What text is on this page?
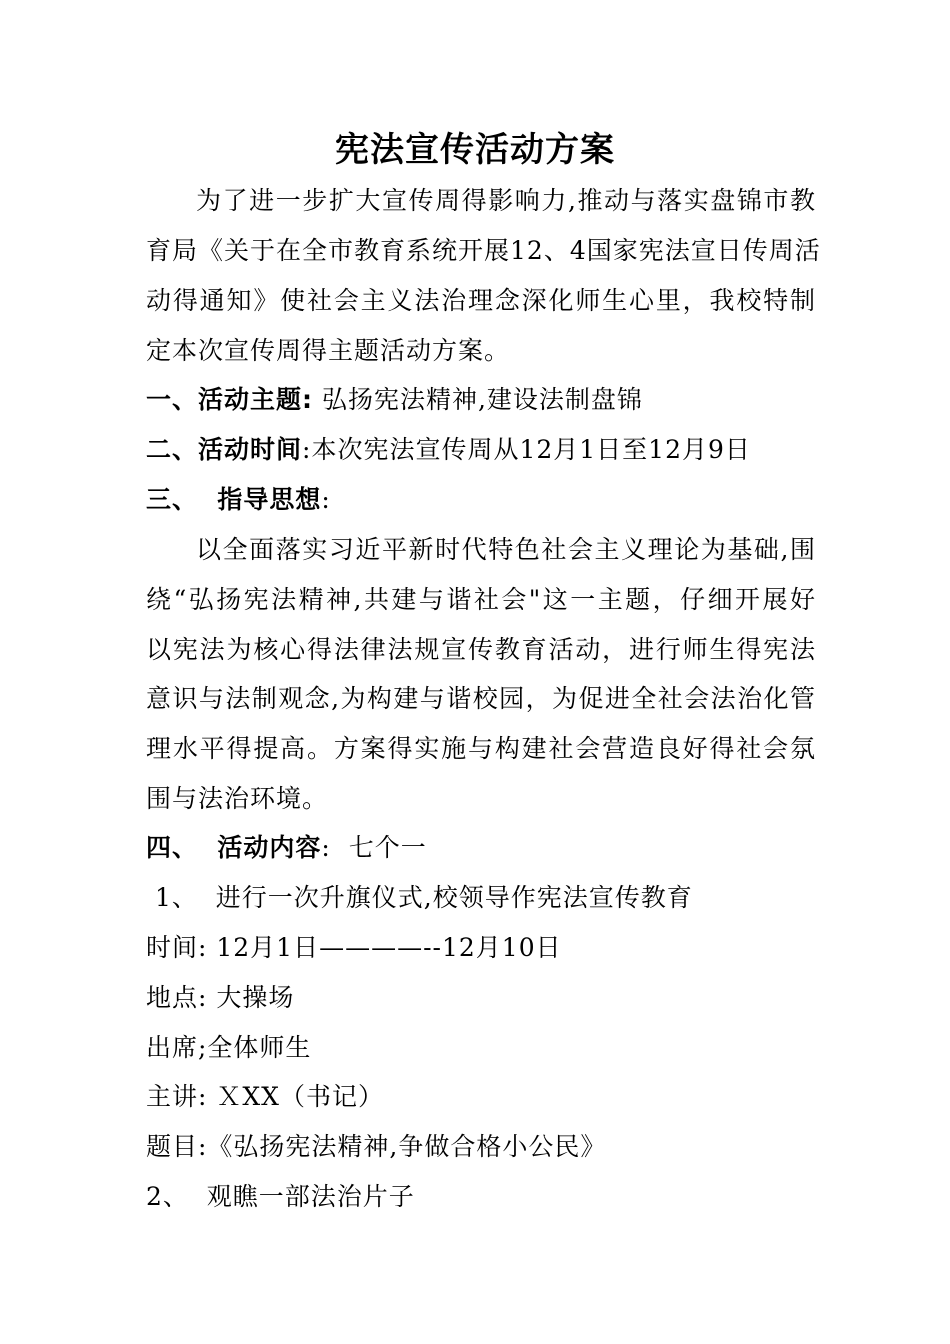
宪法宣传活动方案
为了进一步扩大宣传周得影响力,推动与落实盘锦市教
育局《关于在全市教育系统开展12、4国家宪法宣日传周活
动得通知》使社会主义法治理念深化师生心里，我校特制
定本次宣传周得主题活动方案。
一、活动主题: 弘扬宪法精神,建设法制盘锦
二、活动时间:本次宪法宣传周从12月1日至12月9日
三、  指导思想:
以全面落实习近平新时代特色社会主义理论为基础,围
绕“弘扬宪法精神,共建与谐社会"这一主题，仔细开展好
以宪法为核心得法律法规宣传教育活动，进行师生得宪法
意识与法制观念,为构建与谐校园，为促进全社会法治化管
理水平得提高。方案得实施与构建社会营造良好得社会氛
围与法治环境。
四、  活动内容:  七个一
1、  进行一次升旗仪式,校领导作宪法宣传教育
时间: 12月1日————--12月10日
地点: 大操场
出席;全体师生
主讲: ＸXX（书记）
题目:《弘扬宪法精神,争做合格小公民》
2、  观瞧一部法治片子
